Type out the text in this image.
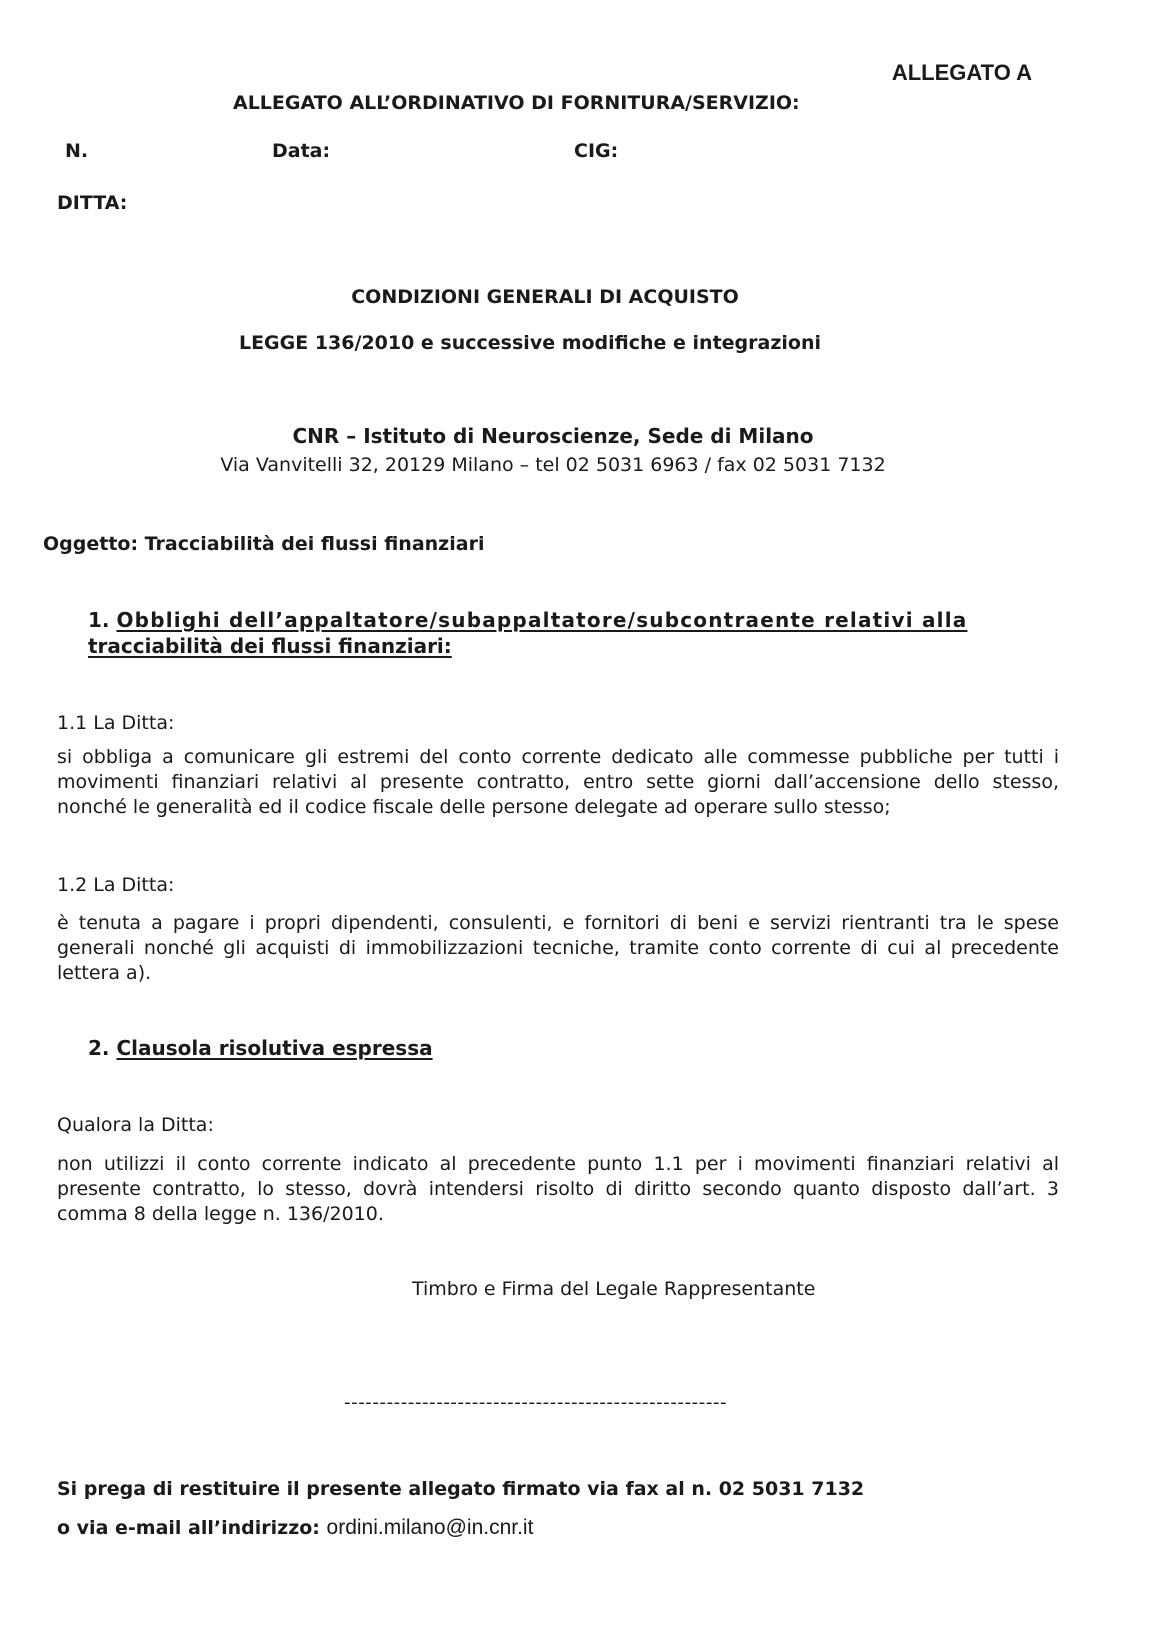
ALLEGATO A
ALLEGATO ALL’ORDINATIVO DI FORNITURA/SERVIZIO:
N.	Data:	CIG:
DITTA:
CONDIZIONI GENERALI DI ACQUISTO
LEGGE 136/2010 e successive modifiche e integrazioni
CNR – Istituto di Neuroscienze, Sede di Milano
Via Vanvitelli 32, 20129 Milano – tel 02 5031 6963 / fax 02 5031 7132
Oggetto: Tracciabilità dei flussi finanziari
1. Obblighi dell’appaltatore/subappaltatore/subcontraente relativi alla
tracciabilità dei flussi finanziari:
1.1 La Ditta:
si obbliga a comunicare gli estremi del conto corrente dedicato alle commesse pubbliche per tutti i movimenti finanziari relativi al presente contratto, entro sette giorni dall’accensione dello stesso, nonché le generalità ed il codice fiscale delle persone delegate ad operare sullo stesso;
1.2 La Ditta:
è tenuta a pagare i propri dipendenti, consulenti, e fornitori di beni e servizi rientranti tra le spese generali nonché gli acquisti di immobilizzazioni tecniche, tramite conto corrente di cui al precedente lettera a).
2. Clausola risolutiva espressa
Qualora la Ditta:
non utilizzi il conto corrente indicato al precedente punto 1.1 per i movimenti finanziari relativi al presente contratto, lo stesso, dovrà intendersi risolto di diritto secondo quanto disposto dall’art. 3 comma 8 della legge n. 136/2010.
Timbro e Firma del Legale Rappresentante
------------------------------------------------------
Si prega di restituire il presente allegato firmato via fax al n. 02 5031 7132
o via e-mail all’indirizzo: ordini.milano@in.cnr.it
